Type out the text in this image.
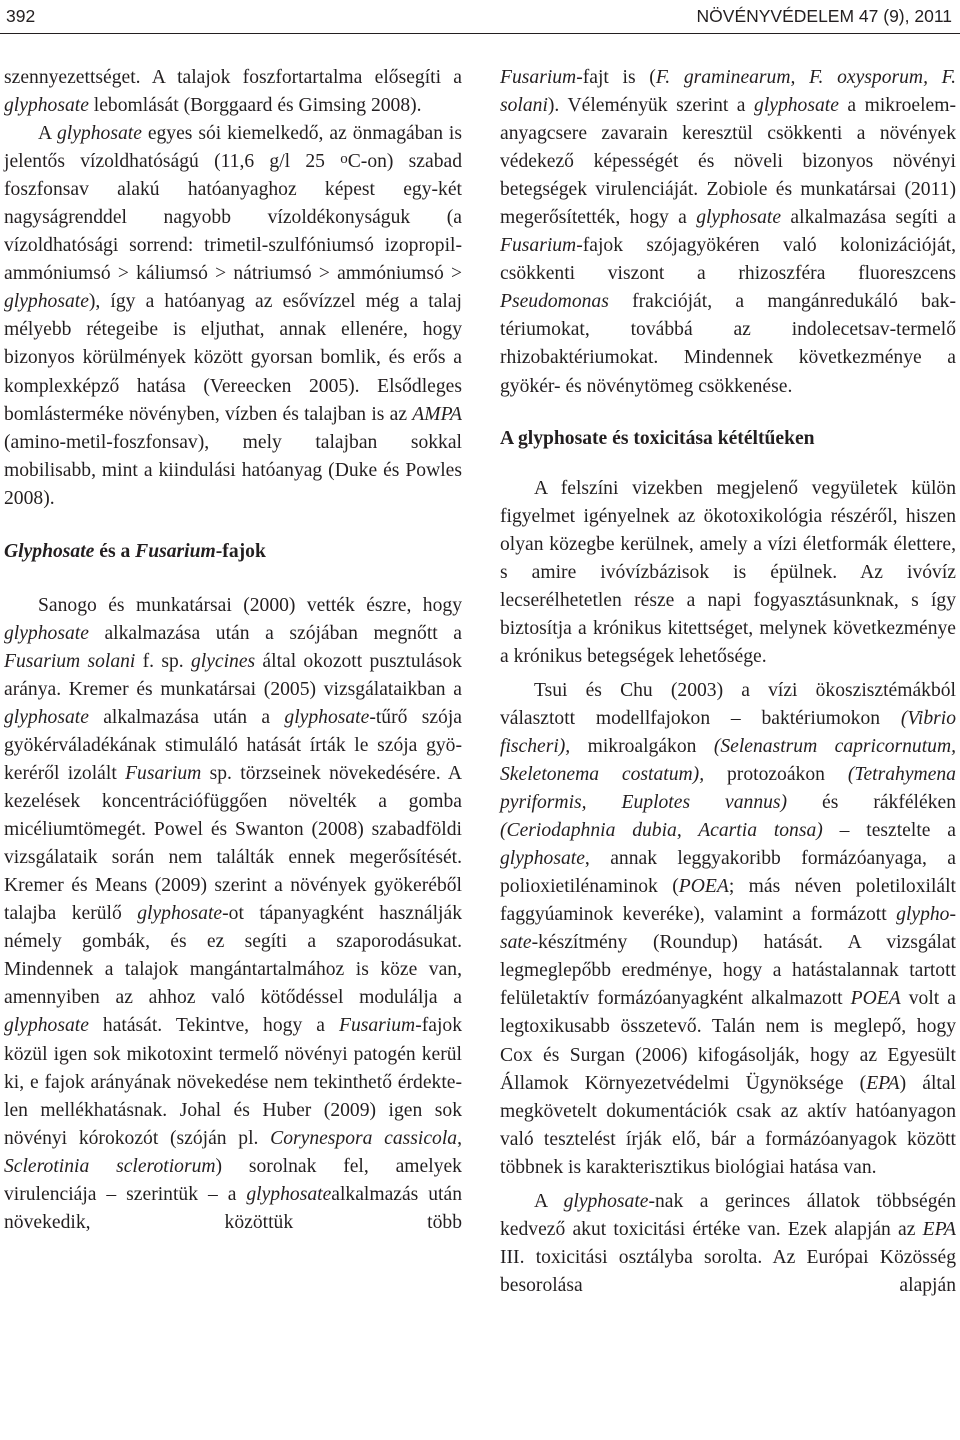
392	NÖVÉNYVÉDELEM 47 (9), 2011

szennyezettséget. A talajok foszfortartalma elősegíti a glyphosate lebomlását (Borggaard és Gimsing 2008).

A glyphosate egyes sói kiemelkedő, az önmagában is jelentős vízoldhatóságú (11,6 g/l 25 $^o$C-on) szabad foszfonsav alakú hatóanyaghoz képest egy-két nagyságrenddel nagyobb vízoldékonyságuk (a vízoldhatósági sorrend: trimetil-szulfóniumsó izopropil-ammóniumsó > káliumsó > nátriumsó > ammóniumsó > glyphosate), így a hatóanyag az esővízzel még a talaj mélyebb rétegeibe is eljuthat, annak ellenére, hogy bizonyos körülmények között gyorsan bomlik, és erős a komplexképző hatása (Vereecken 2005). Elsődleges bomlásterméke növényben, vízben és talajban is az AMPA (amino-metil-foszfonsav), mely talajban sokkal mobilisabb, mint a kiindulási hatóanyag (Duke és Powles 2008).

Glyphosate és a Fusarium-fajok

Sanogo és munkatársai (2000) vették észre, hogy glyphosate alkalmazása után a szójában megnőtt a Fusarium solani f. sp. glycines által okozott pusztulások aránya. Kremer és munkatársai (2005) vizsgálataikban a glyphosate alkalmazása után a glyphosate-tűrő szója gyökérváladékának stimuláló hatását írták le szója gyökeréről izolált Fusarium sp. törzseinek növekedésére. A kezelések koncentrációfüggően növelték a gomba micéliumtömegét. Powel és Swanton (2008) szabadföldi vizsgálataik során nem találták ennek megerősítését. Kremer és Means (2009) szerint a növények gyökeréből talajba kerülő glyphosate-ot tápanyagként használják némely gombák, és ez segíti a szaporodásukat. Mindennek a talajok mangántartalmához is köze van, amennyiben az ahhoz való kötődéssel modulálja a glyphosate hatását. Tekintve, hogy a Fusarium-fajok közül igen sok mikotoxint termelő növényi patogén kerül ki, e fajok arányának növekedése nem tekinthető érdektelen mellékhatásnak. Johal és Huber (2009) igen sok növényi kórokozót (szóján pl. Corynespora cassicola, Sclerotinia sclerotiorum) sorolnak fel, amelyek virulenciája – szerintük – a glyphosatealkalmazás után növekedik, közöttük több

Fusarium-fajt is (F. graminearum, F. oxysporum, F. solani). Véleményük szerint a glyphosate a mikroelem-anyagcsere zavarain keresztül csökkenti a növények védekező képességét és növeli bizonyos növényi betegségek virulenciáját. Zobiole és munkatársai (2011) megerősítették, hogy a glyphosate alkalmazása segíti a Fusarium-fajok szójagyökéren való kolonizációját, csökkenti viszont a rhizoszféra fluoreszcens Pseudomonas frakcióját, a mangánredukáló baktériumokat, továbbá az indolecetsav-termelő rhizobaktériumokat. Mindennek következménye a gyökér- és növénytömeg csökkenése.

A glyphosate és toxicitása kétéltűeken

A felszíni vizekben megjelenő vegyületek külön figyelmet igényelnek az ökotoxikológia részéről, hiszen olyan közegbe kerülnek, amely a vízi életformák élettere, s amire ivóvízbázisok is épülnek. Az ivóvíz lecserélhetetlen része a napi fogyasztásunknak, s így biztosítja a krónikus kitettséget, melynek következménye a krónikus betegségek lehetősége.

Tsui és Chu (2003) a vízi ökoszisztémákból választott modellfajokon – baktériumokon (Vibrio fischeri), mikroalgákon (Selenastrum capricornutum, Skeletonema costatum), protozoákon (Tetrahymena pyriformis, Euplotes vannus) és rákféléken (Ceriodaphnia dubia, Acartia tonsa) – tesztelte a glyphosate, annak leggyakoribb formázóanyaga, a polioxietilénaminok (POEA; más néven poletiloxilált faggyúaminok keveréke), valamint a formázott glyphosate-készítmény (Roundup) hatását. A vizsgálat legmeglepőbb eredménye, hogy a hatástalannak tartott felületaktív formázóanyagként alkalmazott POEA volt a legtoxikusabb összetevő. Talán nem is meglepő, hogy Cox és Surgan (2006) kifogásolják, hogy az Egyesült Államok Környezetvédelmi Ügynöksége (EPA) által megkövetelt dokumentációk csak az aktív hatóanyagon való tesztelést írják elő, bár a formázóanyagok között többnek is karakterisztikus biológiai hatása van.

A glyphosate-nak a gerinces állatok többségén kedvező akut toxicitási értéke van. Ezek alapján az EPA III. toxicitási osztályba sorolta. Az Európai Közösség besorolása alapján
